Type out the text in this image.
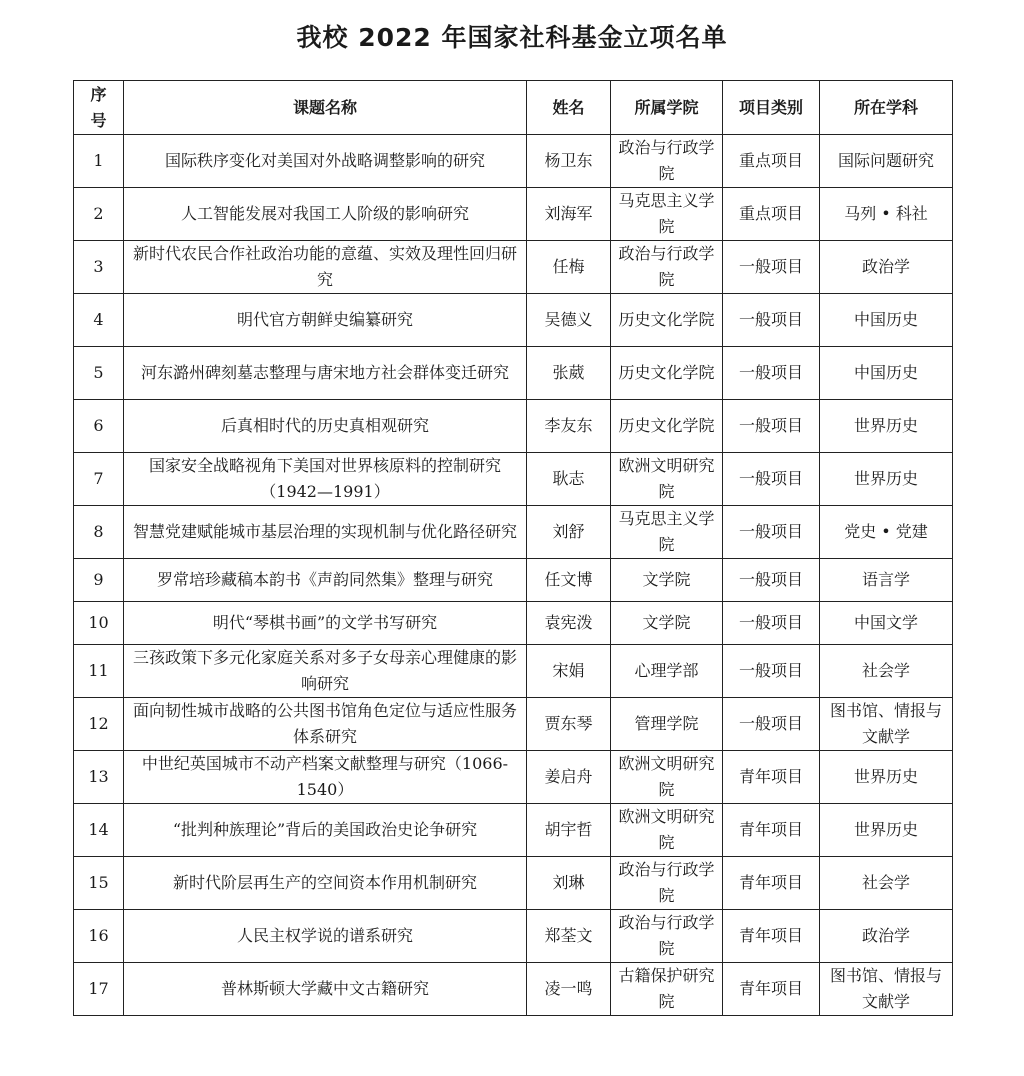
我校 2022 年国家社科基金立项名单
序号	课题名称	姓名	所属学院	项目类别	所在学科
1	国际秩序变化对美国对外战略调整影响的研究	杨卫东	政治与行政学院	重点项目	国际问题研究
2	人工智能发展对我国工人阶级的影响研究	刘海军	马克思主义学院	重点项目	马列 • 科社
3	新时代农民合作社政治功能的意蕴、实效及理性回归研究	任梅	政治与行政学院	一般项目	政治学
4	明代官方朝鲜史编纂研究	吴德义	历史文化学院	一般项目	中国历史
5	河东潞州碑刻墓志整理与唐宋地方社会群体变迁研究	张葳	历史文化学院	一般项目	中国历史
6	后真相时代的历史真相观研究	李友东	历史文化学院	一般项目	世界历史
7	国家安全战略视角下美国对世界核原料的控制研究（1942—1991）	耿志	欧洲文明研究院	一般项目	世界历史
8	智慧党建赋能城市基层治理的实现机制与优化路径研究	刘舒	马克思主义学院	一般项目	党史 • 党建
9	罗常培珍藏稿本韵书《声韵同然集》整理与研究	任文博	文学院	一般项目	语言学
10	明代“琴棋书画”的文学书写研究	袁宪泼	文学院	一般项目	中国文学
11	三孩政策下多元化家庭关系对多子女母亲心理健康的影响研究	宋娟	心理学部	一般项目	社会学
12	面向韧性城市战略的公共图书馆角色定位与适应性服务体系研究	贾东琴	管理学院	一般项目	图书馆、情报与文献学
13	中世纪英国城市不动产档案文献整理与研究（1066-1540）	姜启舟	欧洲文明研究院	青年项目	世界历史
14	“批判种族理论”背后的美国政治史论争研究	胡宇哲	欧洲文明研究院	青年项目	世界历史
15	新时代阶层再生产的空间资本作用机制研究	刘琳	政治与行政学院	青年项目	社会学
16	人民主权学说的谱系研究	郑荃文	政治与行政学院	青年项目	政治学
17	普林斯顿大学藏中文古籍研究	凌一鸣	古籍保护研究院	青年项目	图书馆、情报与文献学
